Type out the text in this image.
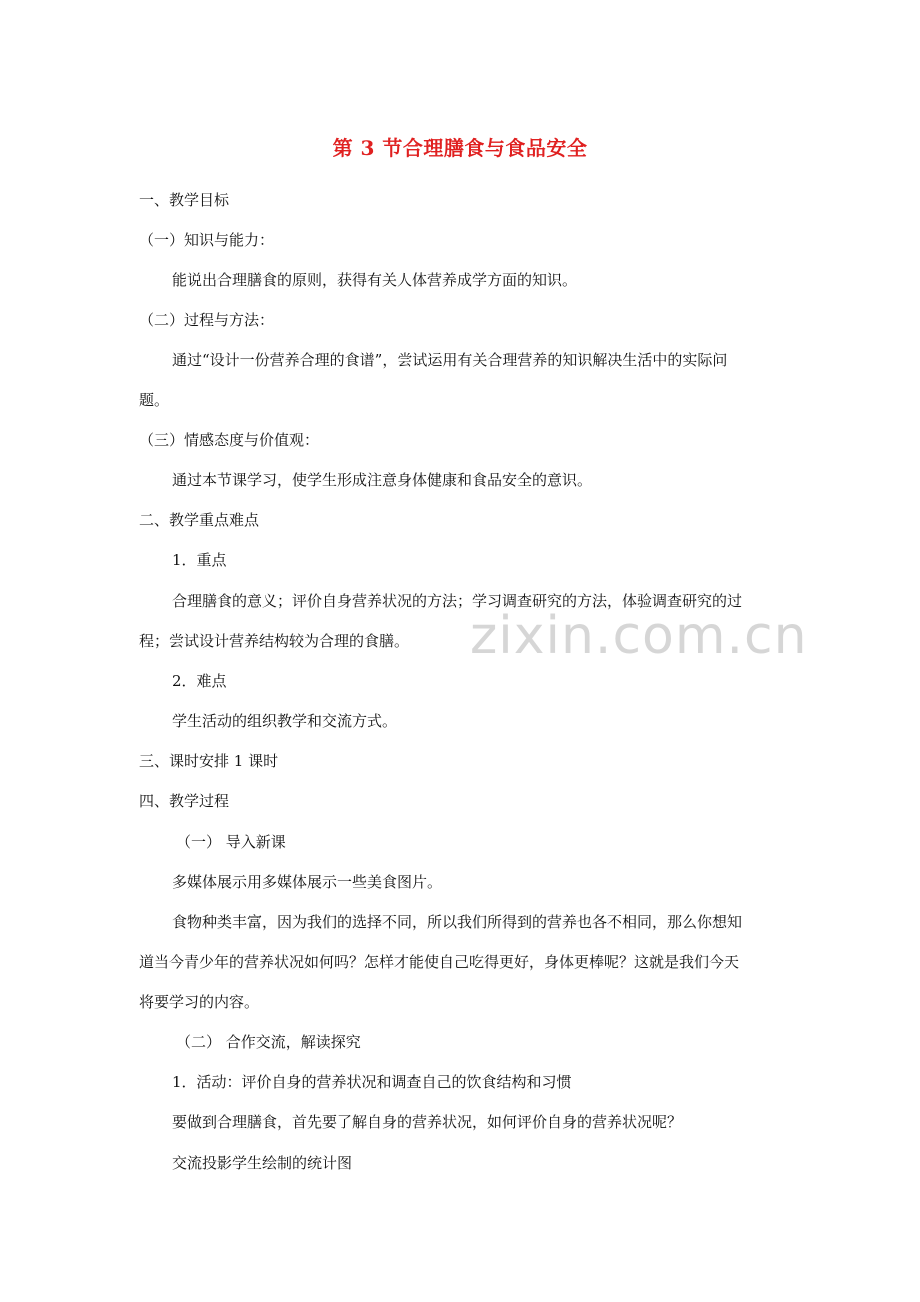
第 3 节合理膳食与食品安全
一、教学目标
（一）知识与能力：
能说出合理膳食的原则，获得有关人体营养成学方面的知识。
（二）过程与方法：
通过“设计一份营养合理的食谱”，尝试运用有关合理营养的知识解决生活中的实际问
题。
（三）情感态度与价值观：
通过本节课学习，使学生形成注意身体健康和食品安全的意识。
二、教学重点难点
1．重点
合理膳食的意义；评价自身营养状况的方法；学习调查研究的方法，体验调查研究的过
程；尝试设计营养结构较为合理的食膳。
2．难点
学生活动的组织教学和交流方式。
三、课时安排 1 课时
四、教学过程
（一） 导入新课
多媒体展示用多媒体展示一些美食图片。
食物种类丰富，因为我们的选择不同，所以我们所得到的营养也各不相同，那么你想知
道当今青少年的营养状况如何吗？怎样才能使自己吃得更好，身体更棒呢？这就是我们今天
将要学习的内容。
（二） 合作交流，解读探究
1．活动：评价自身的营养状况和调查自己的饮食结构和习惯
要做到合理膳食，首先要了解自身的营养状况，如何评价自身的营养状况呢？
交流投影学生绘制的统计图
zixin.com.cn
